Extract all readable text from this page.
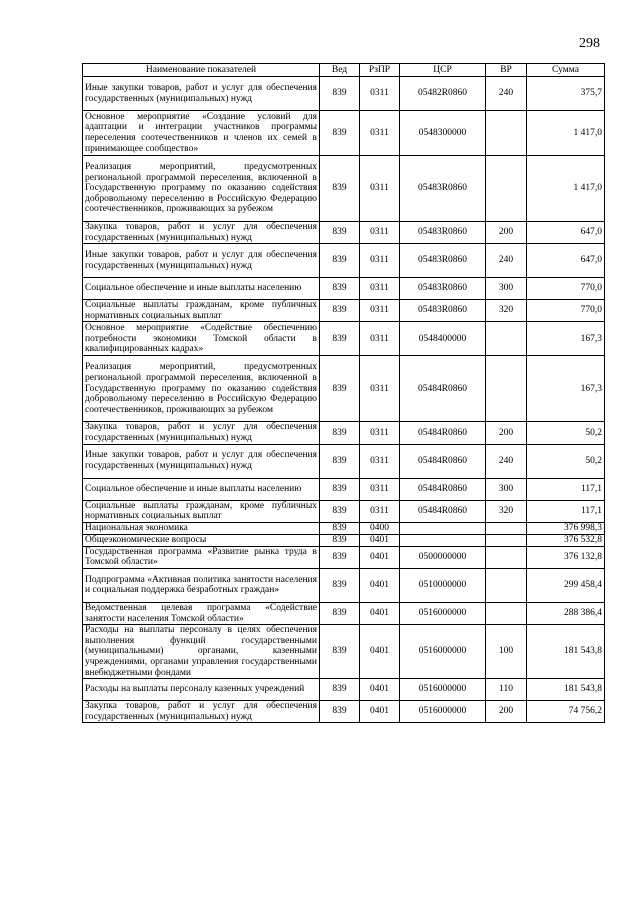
298
Наименование показателей	Вед	РзПР	ЦСР	ВР	Сумма
Иные закупки товаров, работ и услуг для обеспечения государственных (муниципальных) нужд	839	0311	05482R0860	240	375,7
Основное мероприятие «Создание условий для адаптации и интеграции участников программы переселения соотечественников и членов их семей в принимающее сообщество»	839	0311	0548300000		1 417,0
Реализация мероприятий, предусмотренных региональной программой переселения, включенной в Государственную программу по оказанию содействия добровольному переселению в Российскую Федерацию соотечественников, проживающих за рубежом	839	0311	05483R0860		1 417,0
Закупка товаров, работ и услуг для обеспечения государственных (муниципальных) нужд	839	0311	05483R0860	200	647,0
Иные закупки товаров, работ и услуг для обеспечения государственных (муниципальных) нужд	839	0311	05483R0860	240	647,0
Социальное обеспечение и иные выплаты населению	839	0311	05483R0860	300	770,0
Социальные выплаты гражданам, кроме публичных нормативных социальных выплат	839	0311	05483R0860	320	770,0
Основное мероприятие «Содействие обеспечению потребности экономики Томской области в квалифицированных кадрах»	839	0311	0548400000		167,3
Реализация мероприятий, предусмотренных региональной программой переселения, включенной в Государственную программу по оказанию содействия добровольному переселению в Российскую Федерацию соотечественников, проживающих за рубежом	839	0311	05484R0860		167,3
Закупка товаров, работ и услуг для обеспечения государственных (муниципальных) нужд	839	0311	05484R0860	200	50,2
Иные закупки товаров, работ и услуг для обеспечения государственных (муниципальных) нужд	839	0311	05484R0860	240	50,2
Социальное обеспечение и иные выплаты населению	839	0311	05484R0860	300	117,1
Социальные выплаты гражданам, кроме публичных нормативных социальных выплат	839	0311	05484R0860	320	117,1
Национальная экономика	839	0400			376 998,3
Общеэкономические вопросы	839	0401			376 532,8
Государственная программа «Развитие рынка труда в Томской области»	839	0401	0500000000		376 132,8
Подпрограмма «Активная политика занятости населения и социальная поддержка безработных граждан»	839	0401	0510000000		299 458,4
Ведомственная целевая программа «Содействие занятости населения Томской области»	839	0401	0516000000		288 386,4
Расходы на выплаты персоналу в целях обеспечения выполнения функций государственными (муниципальными) органами, казенными учреждениями, органами управления государственными внебюджетными фондами	839	0401	0516000000	100	181 543,8
Расходы на выплаты персоналу казенных учреждений	839	0401	0516000000	110	181 543,8
Закупка товаров, работ и услуг для обеспечения государственных (муниципальных) нужд	839	0401	0516000000	200	74 756,2
